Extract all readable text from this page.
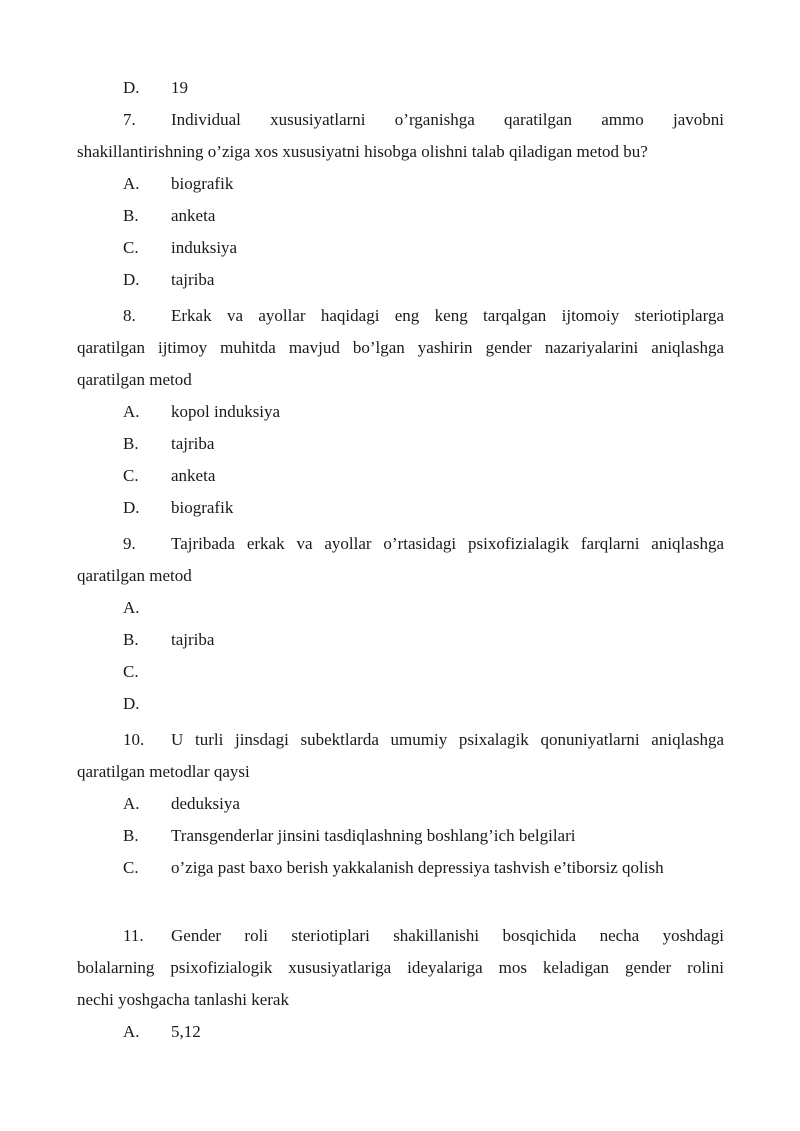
D. 19
7. Individual xususiyatlarni o’rganishga qaratilgan ammo javobni
shakillantirishning o’ziga xos xususiyatni hisobga olishni talab qiladigan metod bu?
A. biografik
B. anketa
C. induksiya
D. tajriba
8. Erkak va ayollar haqidagi eng keng tarqalgan ijtomoiy steriotiplarga
qaratilgan ijtimoy muhitda mavjud bo’lgan yashirin gender nazariyalarini aniqlashga
qaratilgan metod
A. kopol induksiya
B. tajriba
C. anketa
D. biografik
9. Tajribada erkak va ayollar o’rtasidagi psixofizialagik farqlarni aniqlashga
qaratilgan metod
A.
B. tajriba
C.
D.
10. U turli jinsdagi subektlarda umumiy psixalagik qonuniyatlarni aniqlashga
qaratilgan metodlar qaysi
A. deduksiya
B. Transgenderlar jinsini tasdiqlashning boshlang’ich belgilari
C. o’ziga past baxo berish yakkalanish depressiya tashvish e’tiborsiz qolish
11. Gender roli steriotiplari shakillanishi bosqichida necha yoshdagi
bolalarning psixofizialogik xususiyatlariga ideyalariga mos keladigan gender rolini
nechi yoshgacha tanlashi kerak
A. 5,12
